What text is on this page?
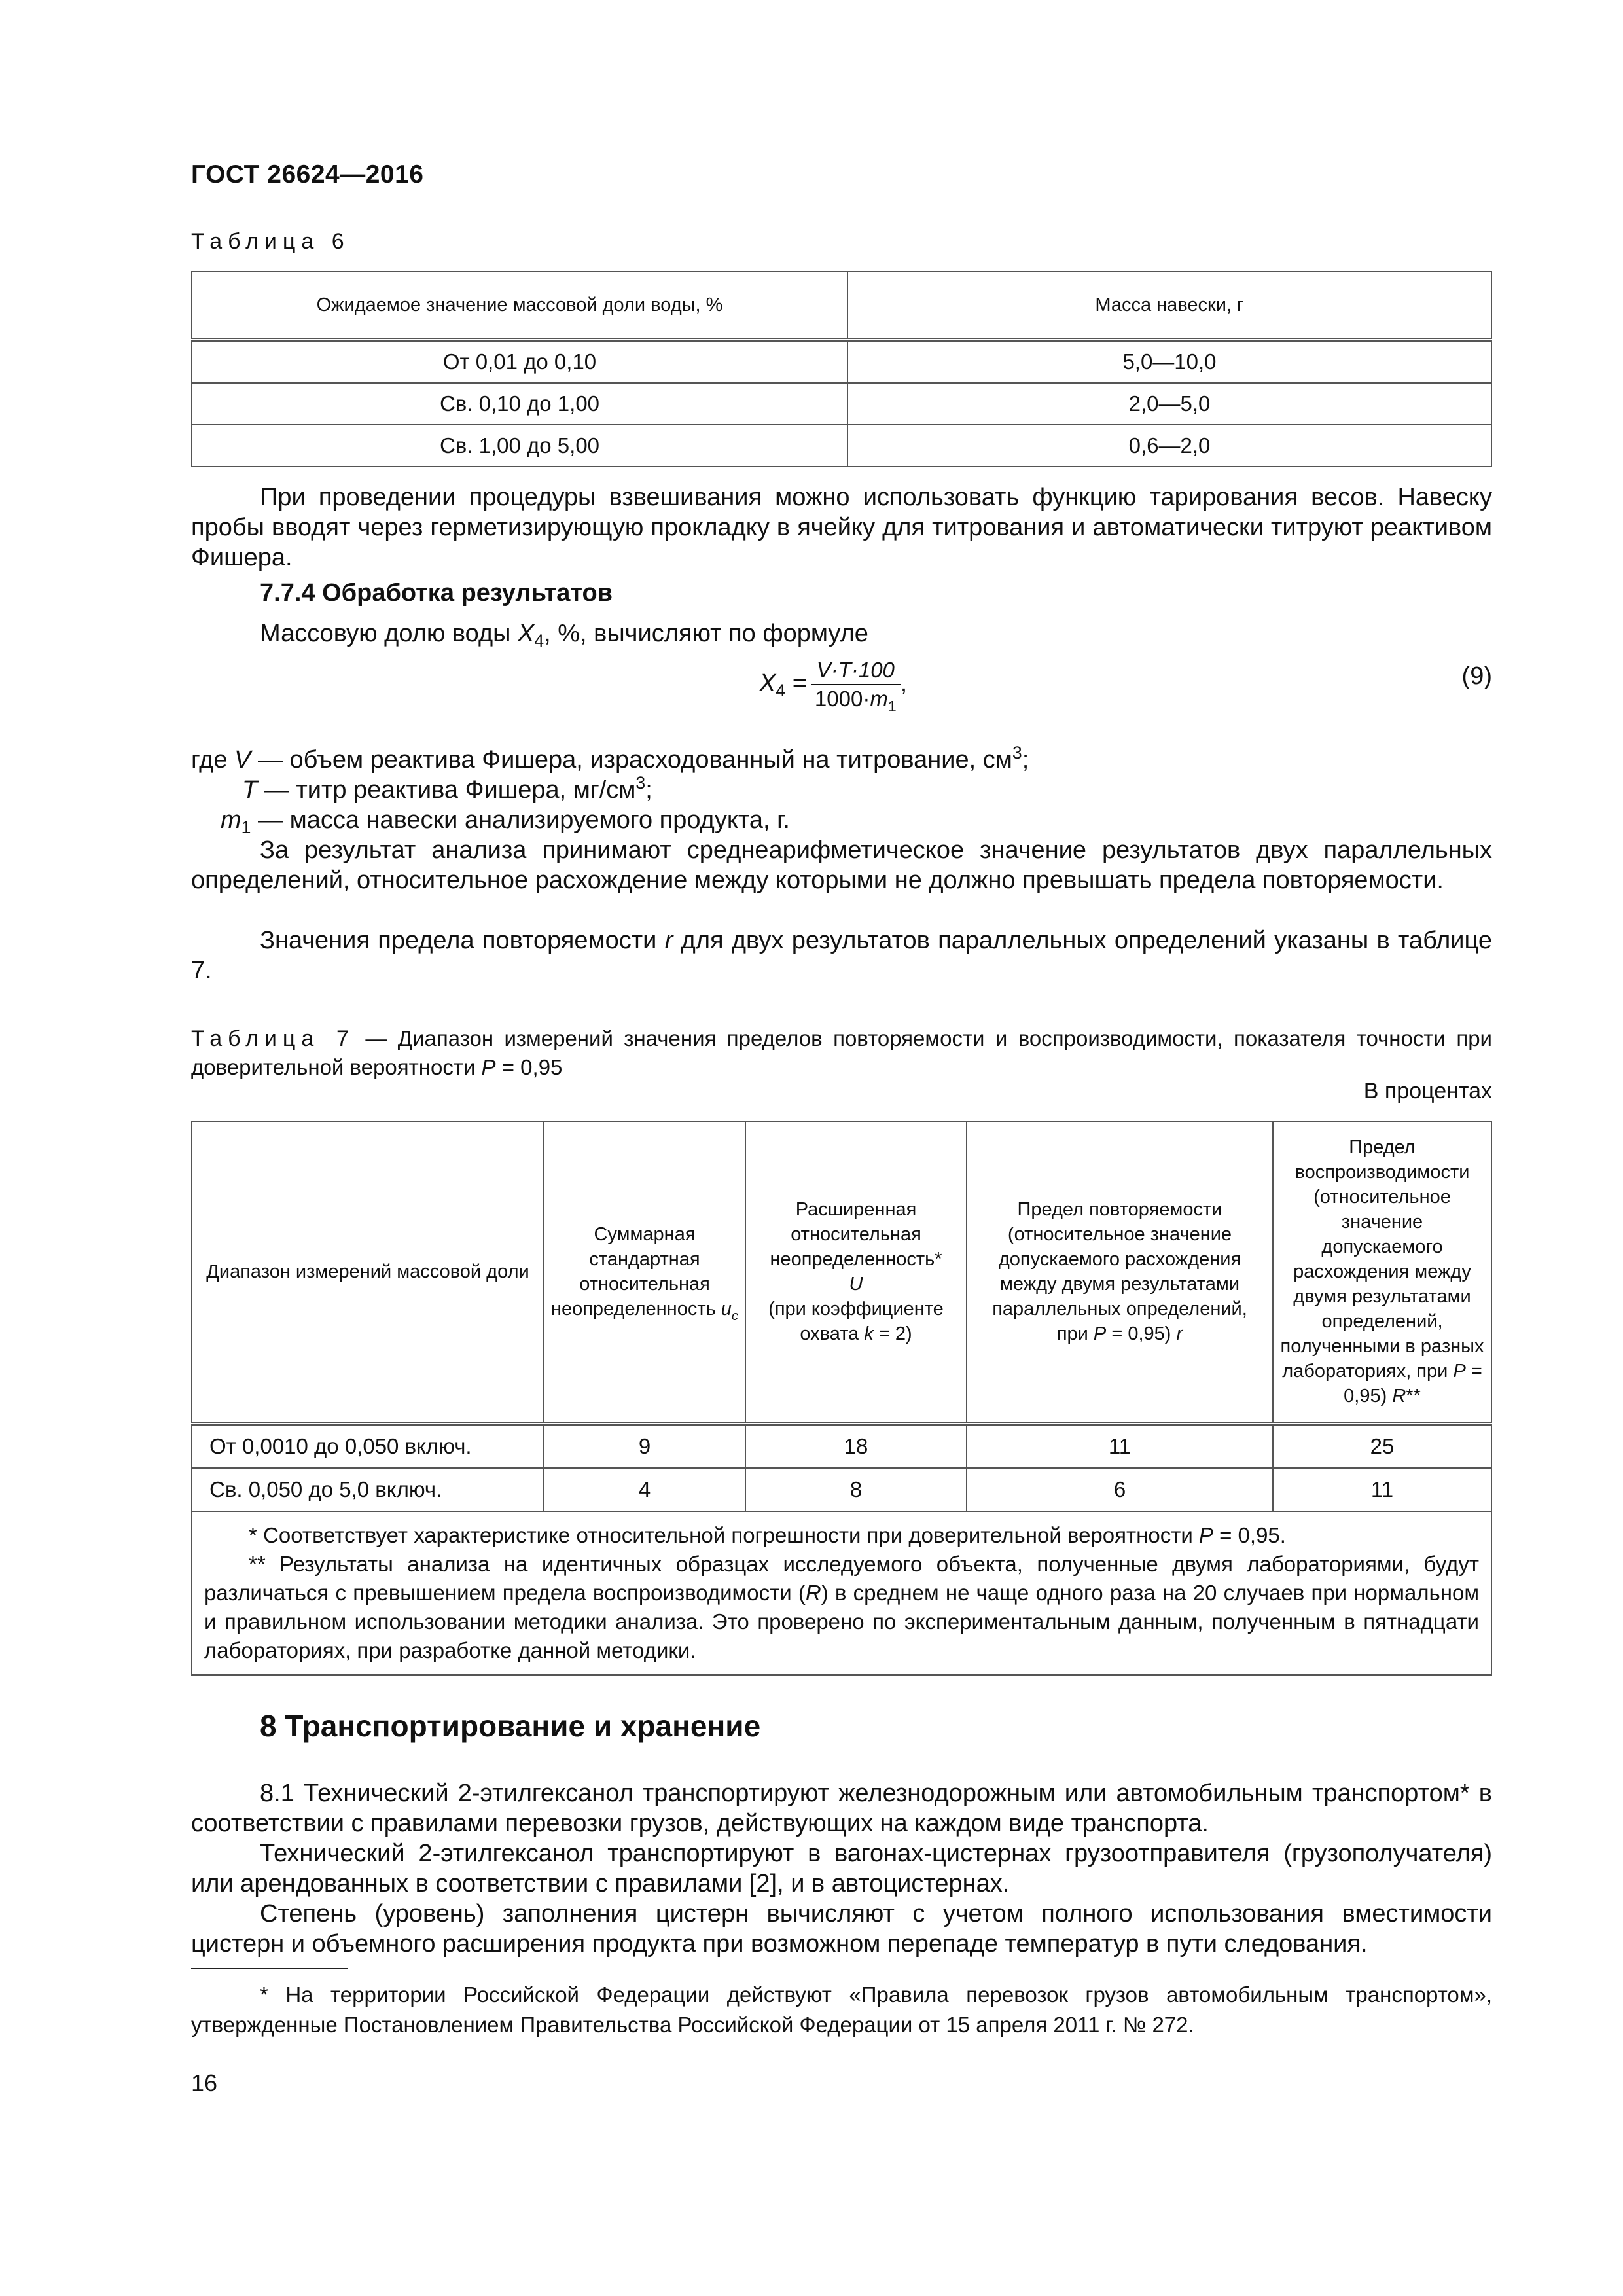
ГОСТ 26624—2016
Таблица 6
Ожидаемое значение массовой доли воды, %	Масса навески, г
От 0,01 до 0,10	5,0—10,0
Св. 0,10 до 1,00	2,0—5,0
Св. 1,00 до 5,00	0,6—2,0
При проведении процедуры взвешивания можно использовать функцию тарирования весов. Навеску пробы вводят через герметизирующую прокладку в ячейку для титрования и автоматически титруют реактивом Фишера.
7.7.4 Обработка результатов
Массовую долю воды $X_4$, %, вычисляют по формуле
$X_4 = \frac{V\cdot T\cdot 100}{1000\cdot m_1}$ ,	(9)
где V — объем реактива Фишера, израсходованный на титрование, $см^3$;
T — титр реактива Фишера, $мг/см^3$;
$m_1$ — масса навески анализируемого продукта, г.
За результат анализа принимают среднеарифметическое значение результатов двух параллельных определений, относительное расхождение между которыми не должно превышать предела повторяемости.
Значения предела повторяемости r для двух результатов параллельных определений указаны в таблице 7.
Таблица 7 — Диапазон измерений значения пределов повторяемости и воспроизводимости, показателя точности при доверительной вероятности P = 0,95
В процентах
Диапазон измерений массовой доли	Суммарная стандартная относительная неопределенность $u_c$	Расширенная относительная неопределенность*
U
(при коэффициенте охвата k = 2)	Предел повторяемости (относительное значение допускаемого расхождения между двумя результатами параллельных определений,
при P = 0,95) r	Предел воспроизводимости (относительное значение допускаемого расхождения между двумя результатами определений, полученными в разных лабораториях, при P = 0,95) R**
От 0,0010 до 0,050 включ.	9	18	11	25
Св. 0,050 до 5,0 включ.	4	8	6	11

* Соответствует характеристике относительной погрешности при доверительной вероятности P = 0,95.
** Результаты анализа на идентичных образцах исследуемого объекта, полученные двумя лабораториями, будут различаться с превышением предела воспроизводимости (R) в среднем не чаще одного раза на 20 случаев при нормальном и правильном использовании методики анализа. Это проверено по экспериментальным данным, полученным в пятнадцати лабораториях, при разработке данной методики.				
8 Транспортирование и хранение
8.1 Технический 2-этилгексанол транспортируют железнодорожным или автомобильным транспортом* в соответствии с правилами перевозки грузов, действующих на каждом виде транспорта.
Технический 2-этилгексанол транспортируют в вагонах-цистернах грузоотправителя (грузополучателя) или арендованных в соответствии с правилами [2], и в автоцистернах.
Степень (уровень) заполнения цистерн вычисляют с учетом полного использования вместимости цистерн и объемного расширения продукта при возможном перепаде температур в пути следования.
* На территории Российской Федерации действуют «Правила перевозок грузов автомобильным транспортом», утвержденные Постановлением Правительства Российской Федерации от 15 апреля 2011 г. № 272.
16
